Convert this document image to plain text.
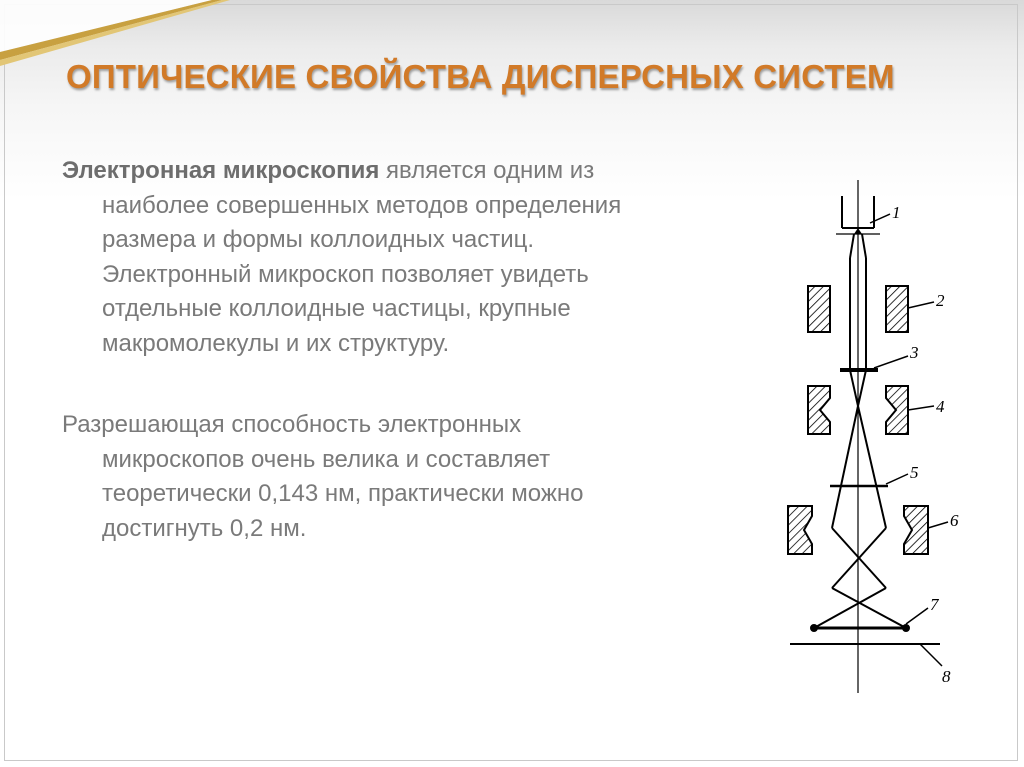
ОПТИЧЕСКИЕ СВОЙСТВА ДИСПЕРСНЫХ СИСТЕМ

Электронная микроскопия является одним из
наиболее совершенных методов определения
размера и формы коллоидных частиц.
Электронный микроскоп позволяет увидеть
отдельные коллоидные частицы, крупные
макромолекулы и их структуру.

Разрешающая способность электронных
микроскопов очень велика и составляет
теоретически 0,143 нм, практически можно
достигнуть 0,2 нм.

1
2
3
4
5
6
7
8
